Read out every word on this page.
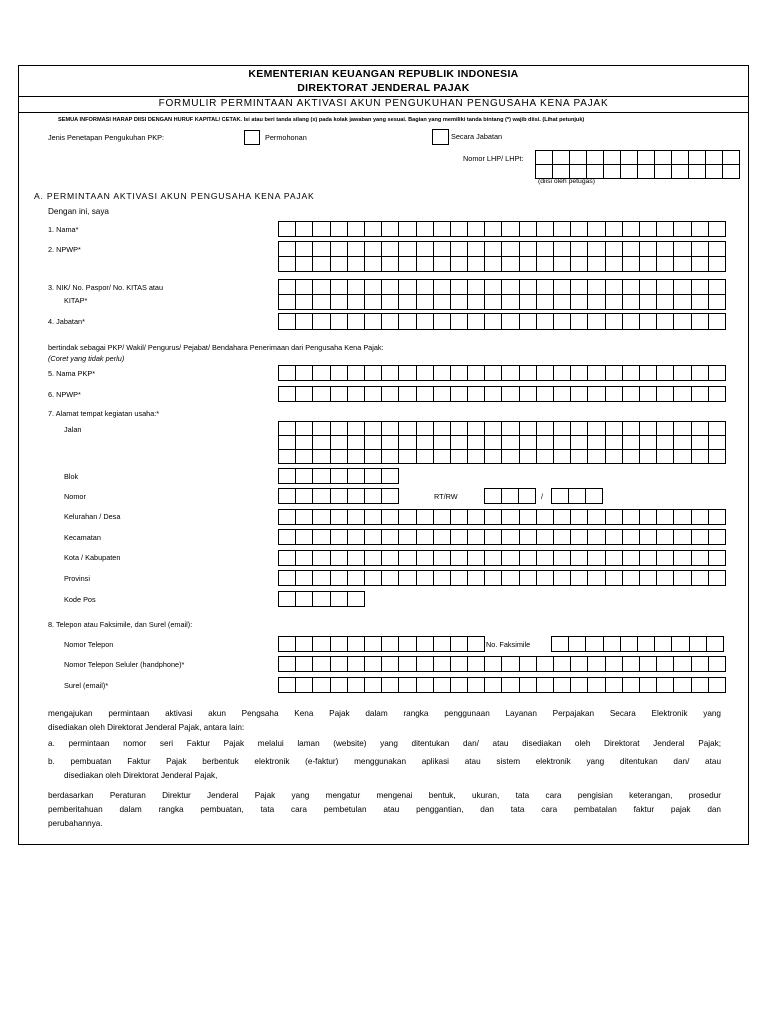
KEMENTERIAN KEUANGAN REPUBLIK INDONESIA
DIREKTORAT JENDERAL PAJAK
FORMULIR PERMINTAAN AKTIVASI AKUN PENGUKUHAN PENGUSAHA KENA PAJAK
SEMUA INFORMASI HARAP DIISI DENGAN HURUF KAPITAL/ CETAK. Isi atau beri tanda silang (x) pada kolak jawaban yang sesuai. Bagian yang memiliki tanda bintang (*) wajib diisi. (Lihat petunjuk)
Jenis Penetapan Pengukuhan PKP:	Permohonan	Secara Jabatan
Nomor LHP/ LHPt:
(diisi oleh petugas)
A. PERMINTAAN AKTIVASI AKUN PENGUSAHA KENA PAJAK
Dengan ini, saya
1. Nama*
2. NPWP*
3. NIK/ No. Paspor/ No. KITAS atau
KITAP*
4. Jabatan*
bertindak sebagai PKP/ Wakil/ Pengurus/ Pejabat/ Bendahara Penerimaan dari Pengusaha Kena Pajak:
(Coret yang tidak perlu)
5. Nama PKP*
6. NPWP*
7. Alamat tempat kegiatan usaha:*
Jalan
Blok
Nomor	RT/RW	/
Kelurahan / Desa
Kecamatan
Kota / Kabupaten
Provinsi
Kode Pos
8. Telepon atau Faksimile, dan Surel (email):
Nomor Telepon	No. Faksimile
Nomor Telepon Seluler (handphone)*
Surel (email)*
mengajukan permintaan aktivasi akun Pengsaha Kena Pajak dalam rangka penggunaan Layanan Perpajakan Secara Elektronik yang
disediakan oleh Direktorat Jenderal Pajak, antara lain:
a. permintaan nomor seri Faktur Pajak melalui laman (website) yang ditentukan dan/ atau disediakan oleh Direktorat Jenderal Pajak;
b. pembuatan Faktur Pajak berbentuk elektronik (e-faktur) menggunakan aplikasi atau sistem elektronik yang ditentukan dan/ atau
disediakan oleh Direktorat Jenderal Pajak,
berdasarkan Peraturan Direktur Jenderal Pajak yang mengatur mengenai bentuk, ukuran, tata cara pengisian keterangan, prosedur
pemberitahuan dalam rangka pembuatan, tata cara pembetulan atau penggantian, dan tata cara pembatalan faktur pajak dan
perubahannya.
